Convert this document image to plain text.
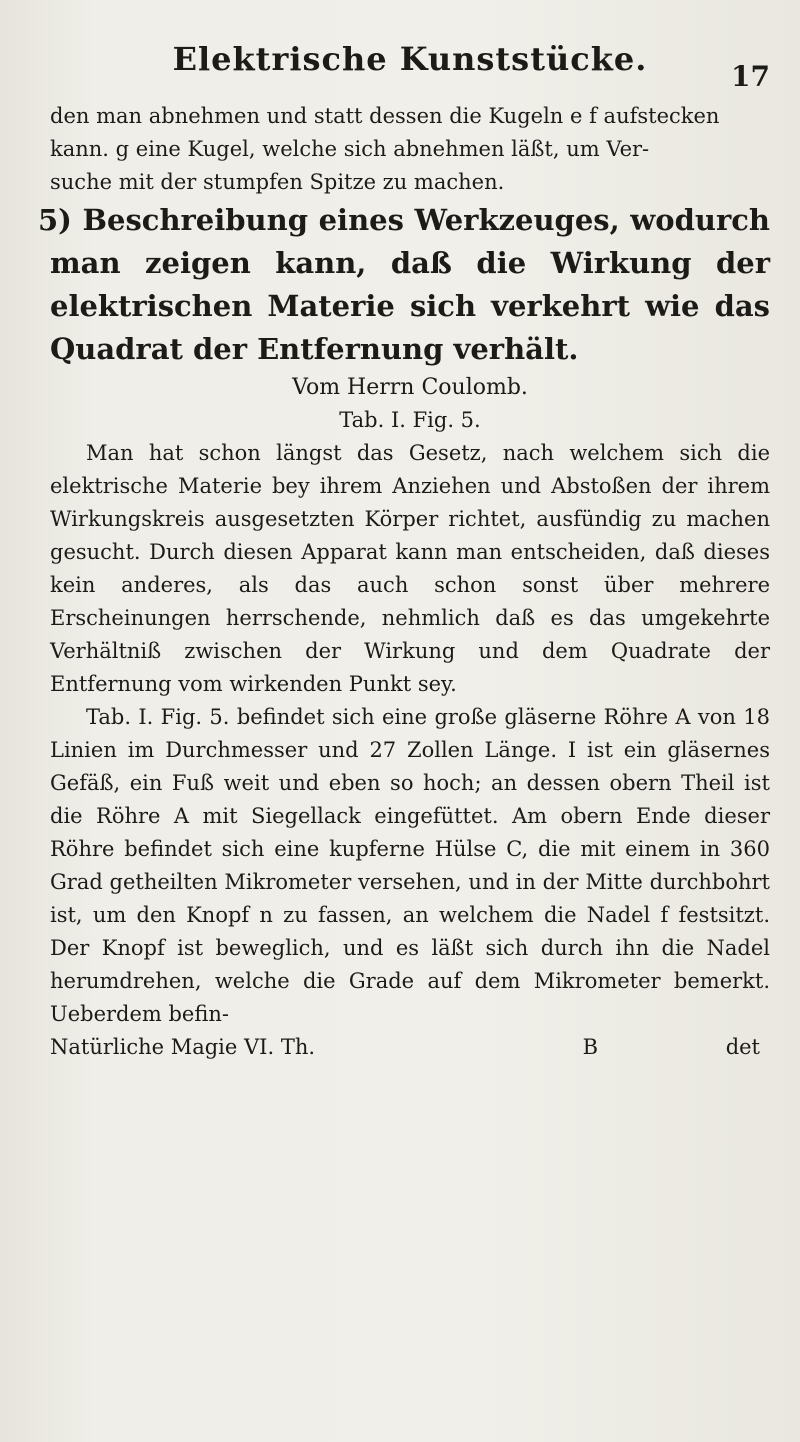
Elektrische Kunststücke.	17

den man abnehmen und statt dessen die Kugeln e f aufstecken

kann. g eine Kugel, welche sich abnehmen läßt, um Ver-

suche mit der stumpfen Spitze zu machen.

5) Beschreibung eines Werkzeuges, wodurch man zeigen kann, daß die Wirkung der elektrischen Materie sich verkehrt wie das Quadrat der Entfernung verhält.

Vom Herrn Coulomb.

Tab. I. Fig. 5.

Man hat schon längst das Gesetz, nach welchem sich die elektrische Materie bey ihrem Anziehen und Abstoßen der ihrem Wirkungskreis ausgesetzten Körper richtet, ausfündig zu machen gesucht. Durch diesen Apparat kann man entscheiden, daß dieses kein anderes, als das auch schon sonst über mehrere Erscheinungen herrschende, nehmlich daß es das umgekehrte Verhältniß zwischen der Wirkung und dem Quadrate der Entfernung vom wirkenden Punkt sey.

Tab. I. Fig. 5. befindet sich eine große gläserne Röhre A von 18 Linien im Durchmesser und 27 Zollen Länge. I ist ein gläsernes Gefäß, ein Fuß weit und eben so hoch; an dessen obern Theil ist die Röhre A mit Siegellack eingefüttet. Am obern Ende dieser Röhre befindet sich eine kupferne Hülse C, die mit einem in 360 Grad getheilten Mikrometer versehen, und in der Mitte durchbohrt ist, um den Knopf n zu fassen, an welchem die Nadel f festsitzt. Der Knopf ist beweglich, und es läßt sich durch ihn die Nadel herumdrehen, welche die Grade auf dem Mikrometer bemerkt. Ueberdem befin-

Natürliche Magie VI. Th.	B	det
